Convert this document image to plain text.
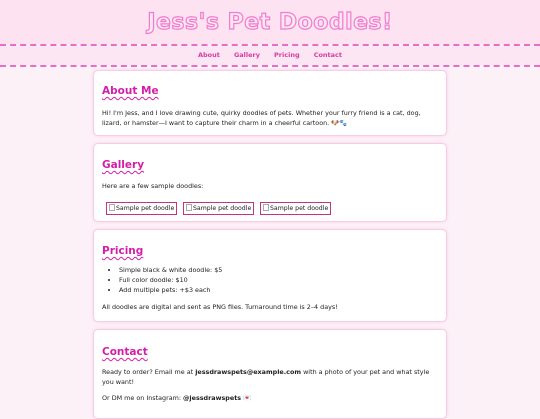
Jess's Pet Doodles!
About Gallery Pricing Contact
About Me

Hi! I'm Jess, and I love drawing cute, quirky doodles of pets. Whether your furry friend is a cat, dog, lizard, or hamster—I want to capture their charm in a cheerful cartoon. 🐶🐾

Gallery

Here are a few sample doodles:

Sample pet doodle	Sample pet doodle	Sample pet doodle
Pricing
• Simple black & white doodle: $5
• Full color doodle: $10
• Add multiple pets: +$3 each

All doodles are digital and sent as PNG files. Turnaround time is 2–4 days!

Contact

Ready to order? Email me at jessdrawspets@example.com with a photo of your pet and what style you want!

Or DM me on Instagram: @jessdrawspets 💌
